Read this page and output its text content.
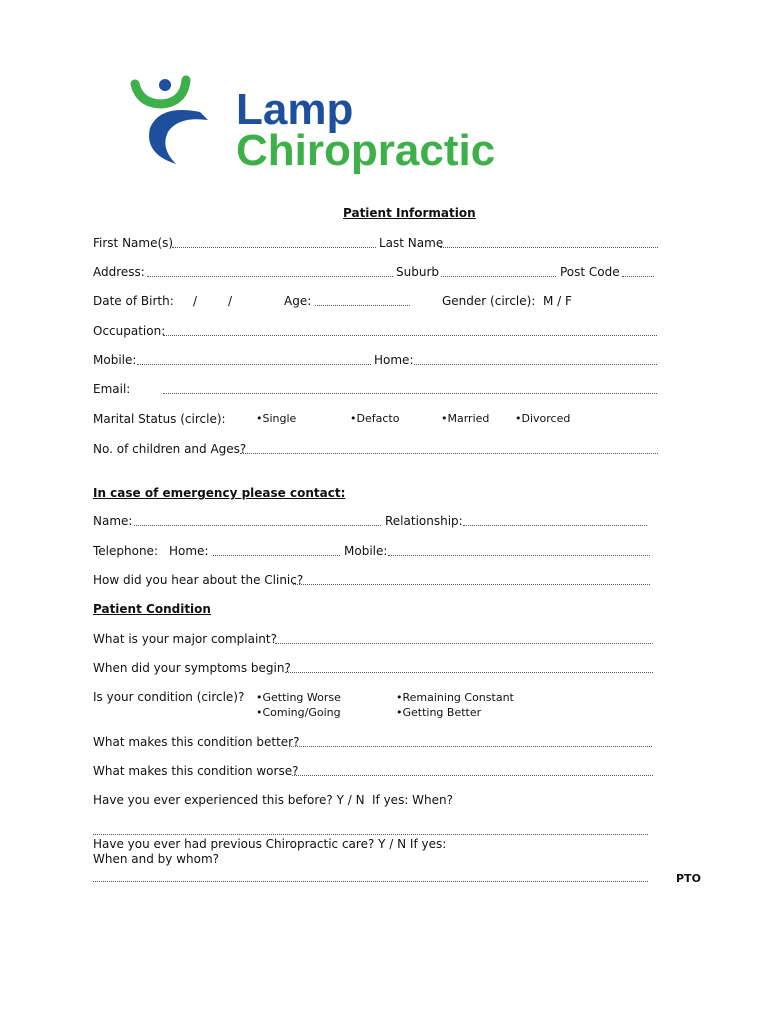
Lamp
Chiropractic
Patient Information
First Name(s)	Last Name
Address:	Suburb	Post Code
Date of Birth: /	/	Age:	Gender (circle): M / F
Occupation:
Mobile:	Home:
Email:
Marital Status (circle):	•Single	•Defacto	•Married •Divorced
No. of children and Ages?
In case of emergency please contact:
Name:	Relationship:
Telephone: Home:	Mobile:
How did you hear about the Clinic?
Patient Condition
What is your major complaint?
When did your symptoms begin?
Is your condition (circle)? •Getting Worse
•Coming/Going
•Remaining Constant
•Getting Better
What makes this condition better?
What makes this condition worse?
Have you ever experienced this before? Y / N If yes: When?
Have you ever had previous Chiropractic care? Y / N If yes:
When and by whom?
PTO
